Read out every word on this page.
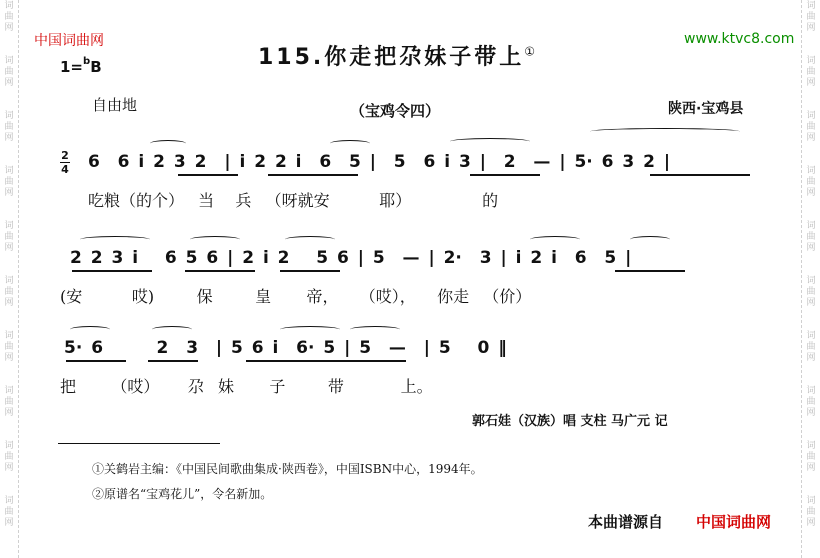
词
曲
网
词
曲
网
词
曲
网
词
曲
网
词
曲
网
词
曲
网
词
曲
网
词
曲
网
词
曲
网
词
曲
网
词
曲
网
词
曲
网
词
曲
网
词
曲
网
词
曲
网
词
曲
网
词
曲
网
词
曲
网
词
曲
网
词
曲
网
中国词曲网	www.ktvc8.com
115.你走把尕妹子带上①
1=$^b$B
自由地	（宝鸡令四）	陕西·宝鸡县
2
4 6  6 i 2 3 2  | i 2 2 i  6  5 |  5  6 i 3 |  2  — | 5· 6 3 2 |
吃粮（的个）  当   兵  （呀就安       耶）          的
2 2 3 i   6 5 6 | 2 i 2   5 6 | 5  — | 2·  3 | i 2 i  6  5 |
(安       哎)      保      皇     帝，   （哎），   你走  （价）
5· 6      2  3  | 5 6 i  6· 5 | 5  —  | 5   0 ‖
把     （哎）    尕  妹     子      带        上。
郭石娃（汉族）唱 支柱 马广元 记
①关鹤岩主编：《中国民间歌曲集成·陕西卷》，中国ISBN中心，1994年。
②原谱名“宝鸡花儿”，令名新加。
本曲谱源自 中国词曲网
